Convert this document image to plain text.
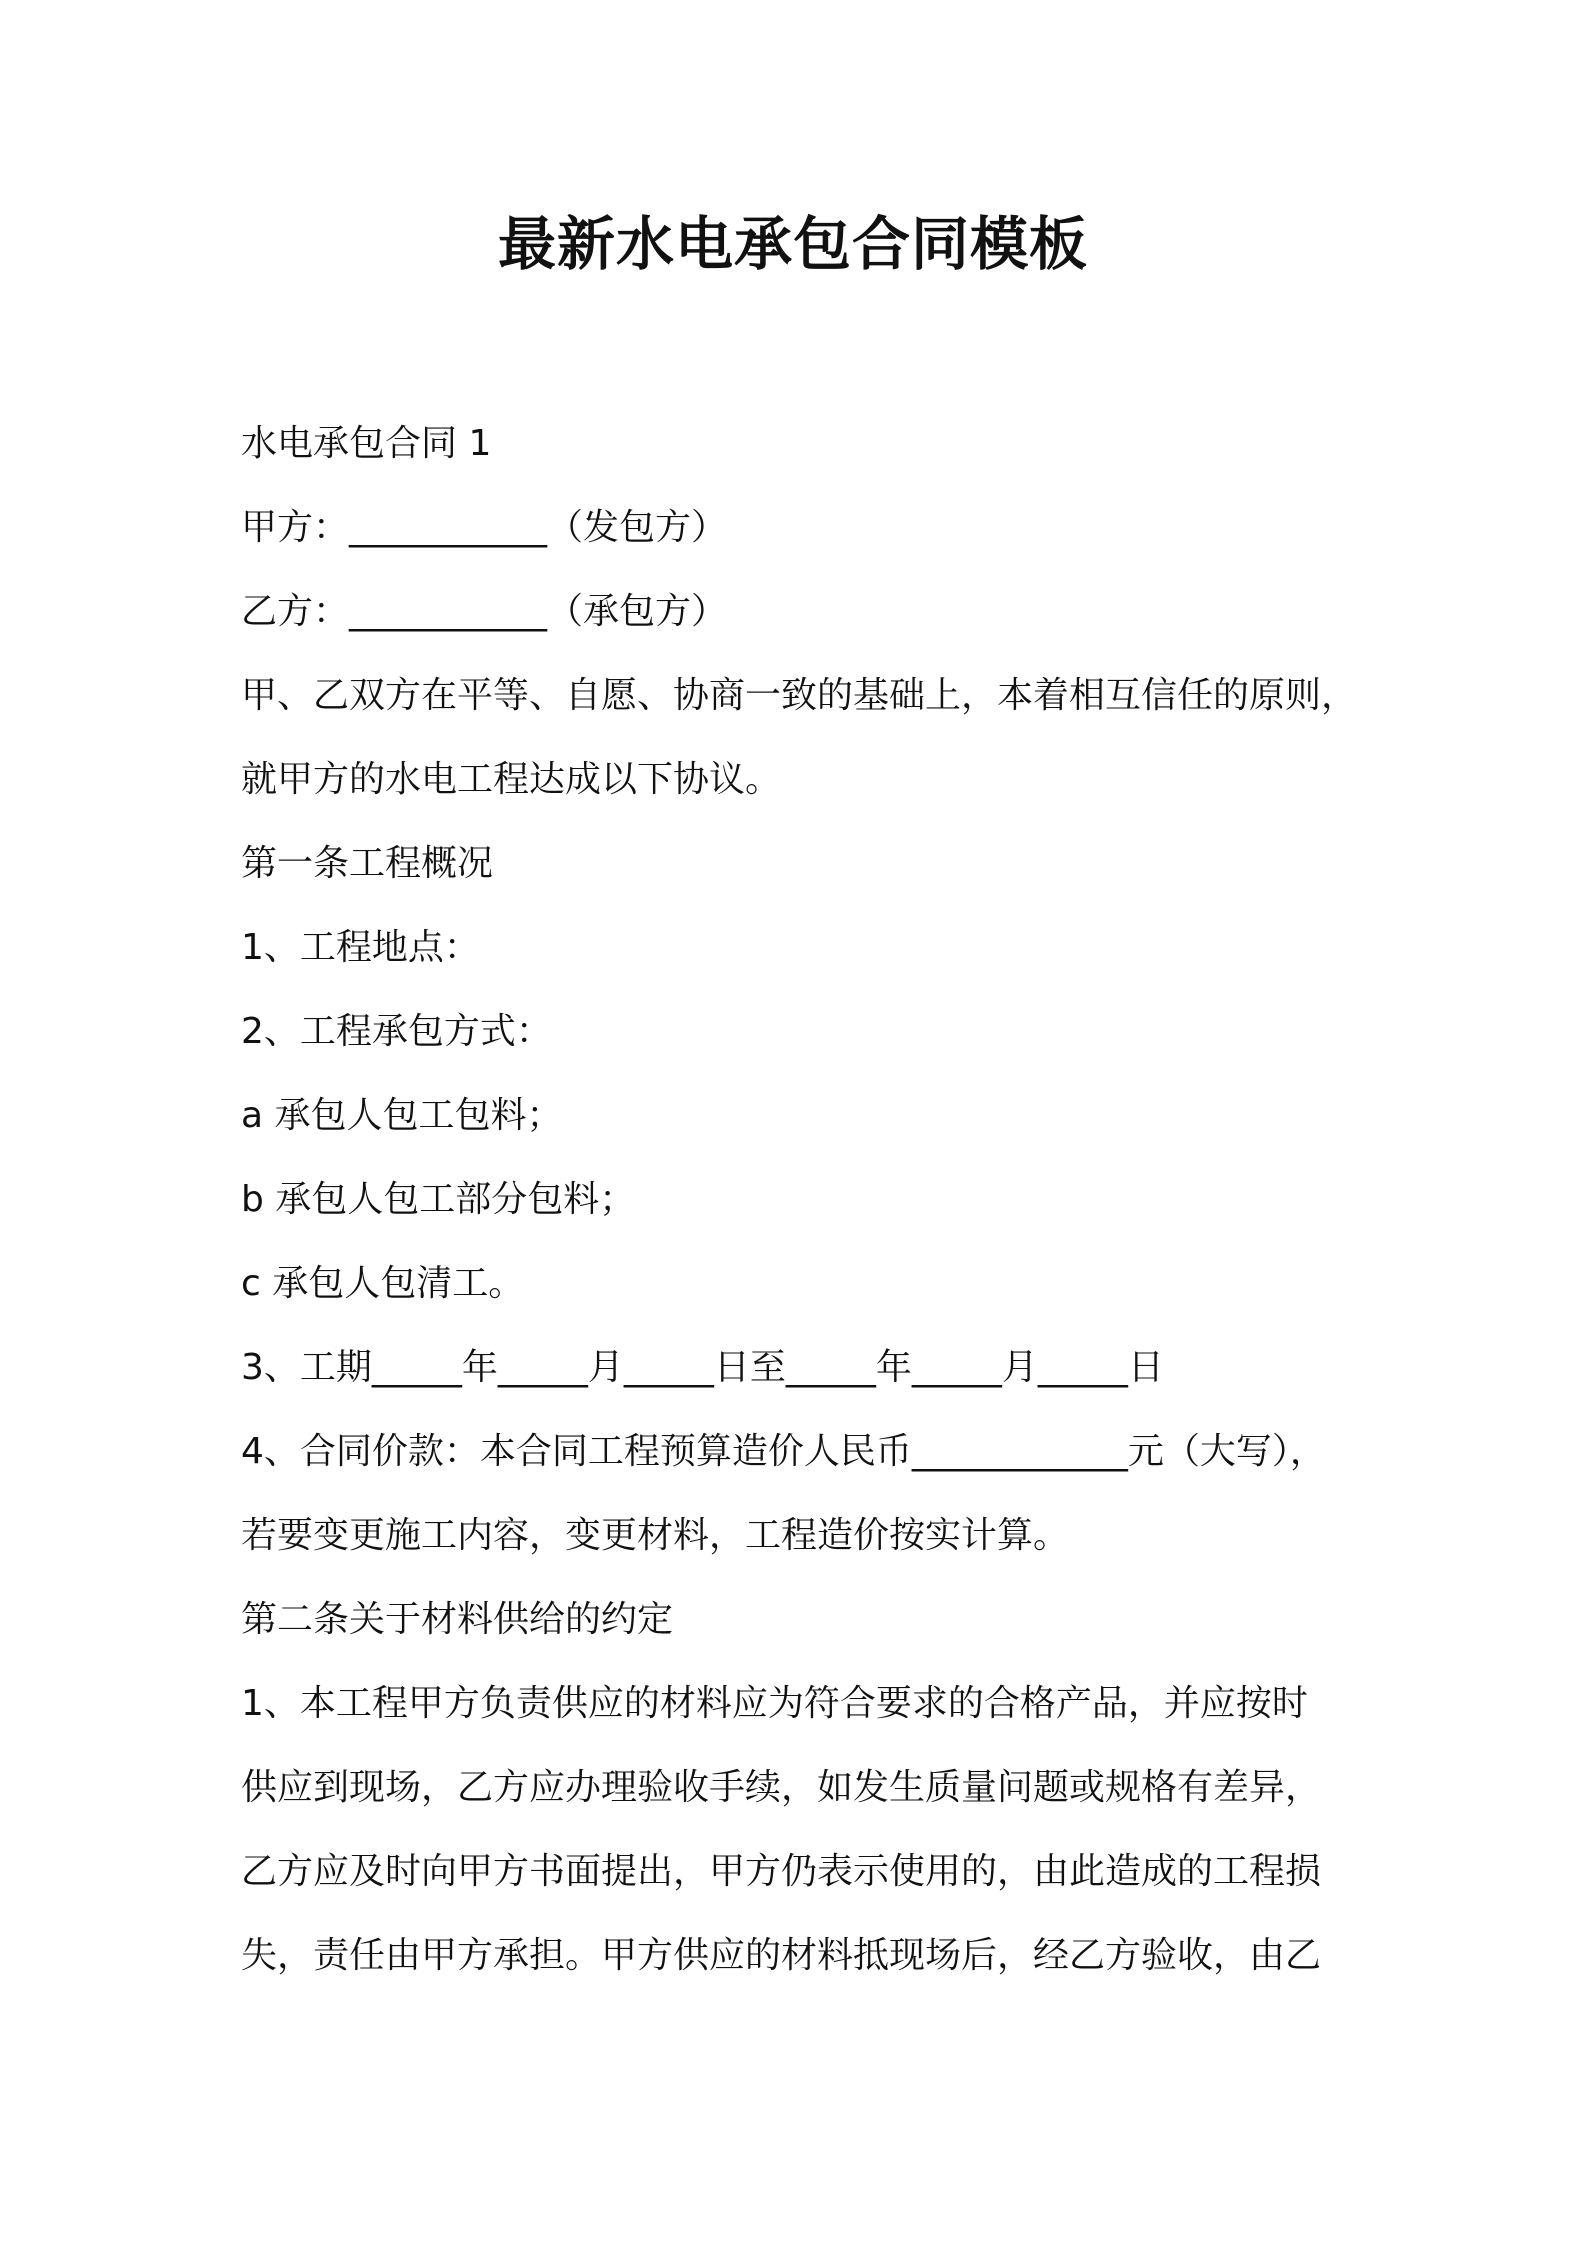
最新水电承包合同模板
水电承包合同 1
甲方：___________（发包方）
乙方：___________（承包方）
甲、乙双方在平等、自愿、协商一致的基础上，本着相互信任的原则，
就甲方的水电工程达成以下协议。
第一条工程概况
1、工程地点：
2、工程承包方式：
a 承包人包工包料；
b 承包人包工部分包料；
c 承包人包清工。
3、工期_____年_____月_____日至_____年_____月_____日
4、合同价款：本合同工程预算造价人民币____________元（大写），
若要变更施工内容，变更材料，工程造价按实计算。
第二条关于材料供给的约定
1、本工程甲方负责供应的材料应为符合要求的合格产品，并应按时
供应到现场，乙方应办理验收手续，如发生质量问题或规格有差异，
乙方应及时向甲方书面提出，甲方仍表示使用的，由此造成的工程损
失，责任由甲方承担。甲方供应的材料抵现场后，经乙方验收，由乙
